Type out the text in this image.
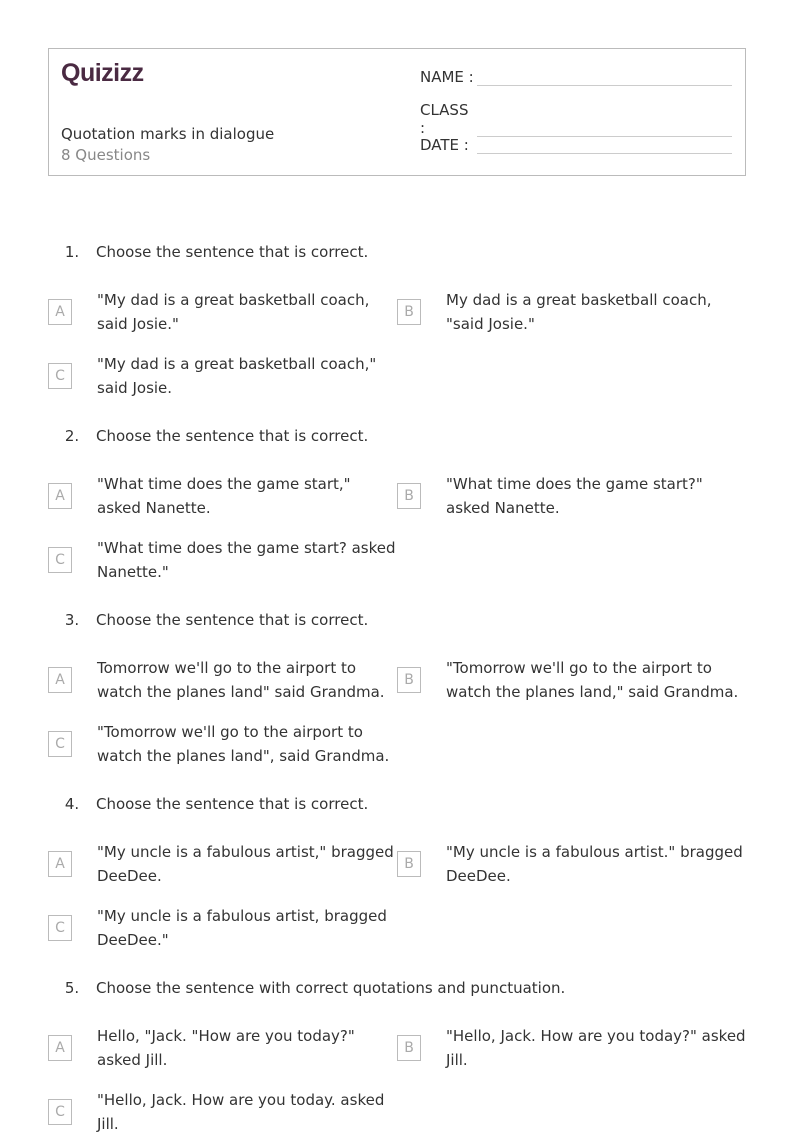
Quizizz
Quotation marks in dialogue
8 Questions
NAME :
CLASS :
DATE :
1.	Choose the sentence that is correct.
A
"My dad is a great basketball coach, said Josie."
B
My dad is a great basketball coach, "said Josie."
C
"My dad is a great basketball coach," said Josie.
2.	Choose the sentence that is correct.
A
"What time does the game start," asked Nanette.
B
"What time does the game start?" asked Nanette.
C
"What time does the game start? asked Nanette."
3.	Choose the sentence that is correct.
A
Tomorrow we'll go to the airport to watch the planes land" said Grandma.
B
"Tomorrow we'll go to the airport to watch the planes land," said Grandma.
C
"Tomorrow we'll go to the airport to watch the planes land", said Grandma.
4.	Choose the sentence that is correct.
A
"My uncle is a fabulous artist," bragged DeeDee.
B
"My uncle is a fabulous artist." bragged DeeDee.
C
"My uncle is a fabulous artist, bragged DeeDee."
5.	Choose the sentence with correct quotations and punctuation.
A
Hello, "Jack. "How are you today?" asked Jill.
B
"Hello, Jack. How are you today?" asked Jill.
C
"Hello, Jack. How are you today. asked Jill.
